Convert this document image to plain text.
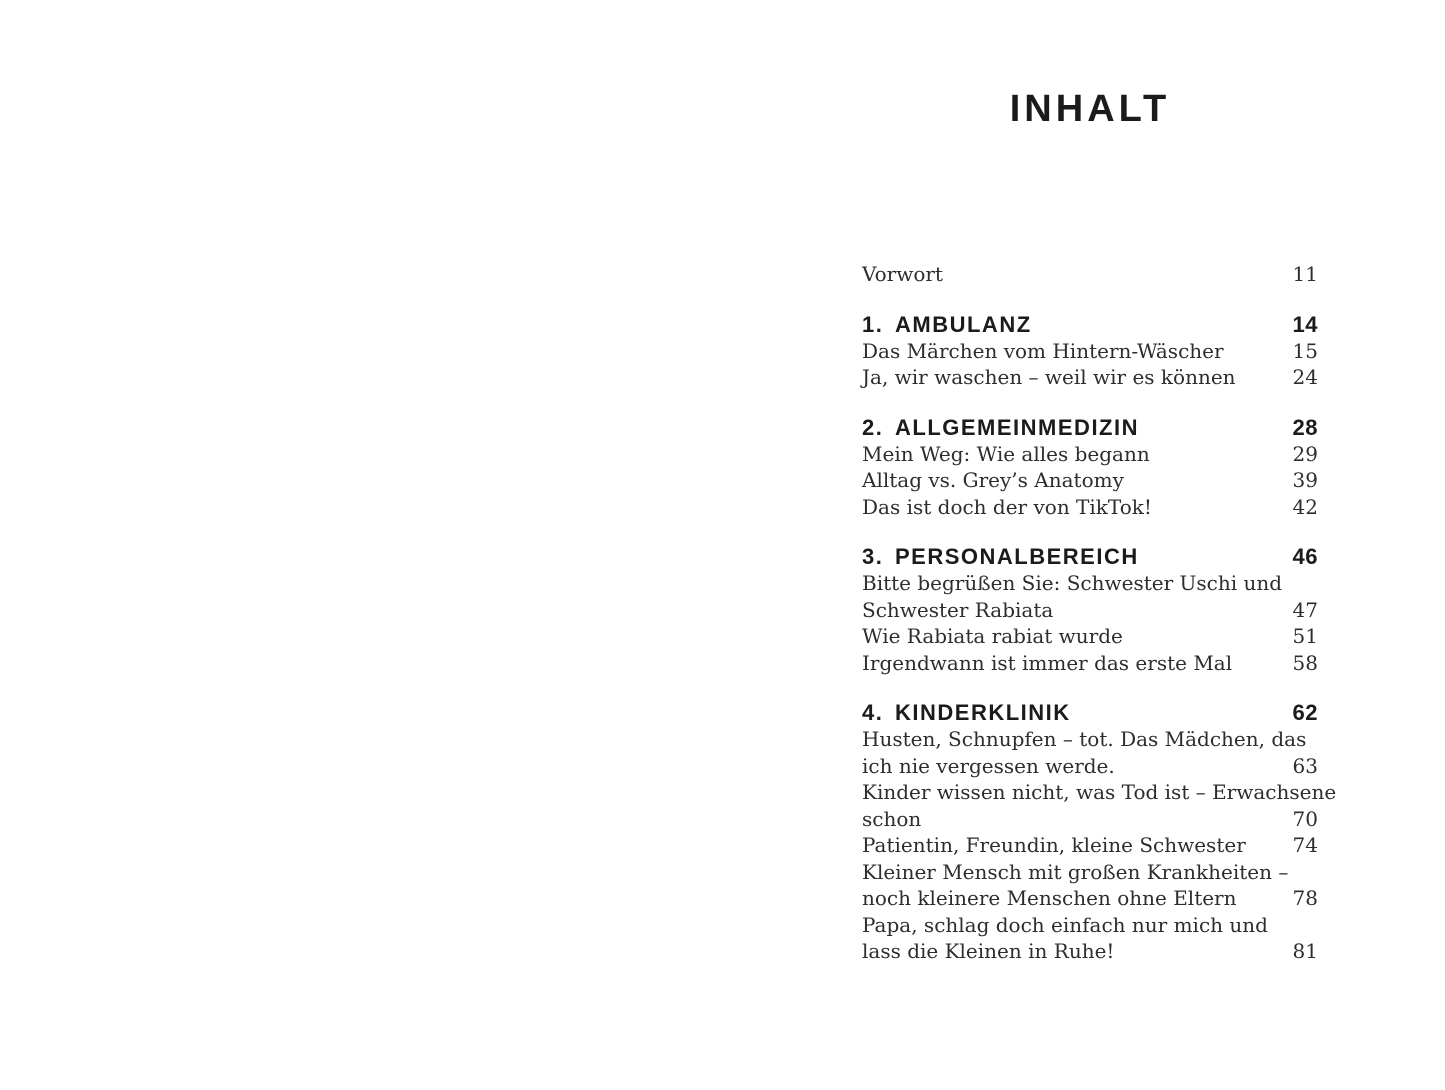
INHALT
Vorwort	11
1. AMBULANZ	14
Das Märchen vom Hintern-Wäscher	15
Ja, wir waschen – weil wir es können	24
2. ALLGEMEINMEDIZIN	28
Mein Weg: Wie alles begann	29
Alltag vs. Grey’s Anatomy	39
Das ist doch der von TikTok!	42
3. PERSONALBEREICH	46
Bitte begrüßen Sie: Schwester Uschi und
Schwester Rabiata	47
Wie Rabiata rabiat wurde	51
Irgendwann ist immer das erste Mal	58
4. KINDERKLINIK	62
Husten, Schnupfen – tot. Das Mädchen, das
ich nie vergessen werde.	63
Kinder wissen nicht, was Tod ist – Erwachsene
schon	70
Patientin, Freundin, kleine Schwester	74
Kleiner Mensch mit großen Krankheiten –
noch kleinere Menschen ohne Eltern	78
Papa, schlag doch einfach nur mich und
lass die Kleinen in Ruhe!	81
